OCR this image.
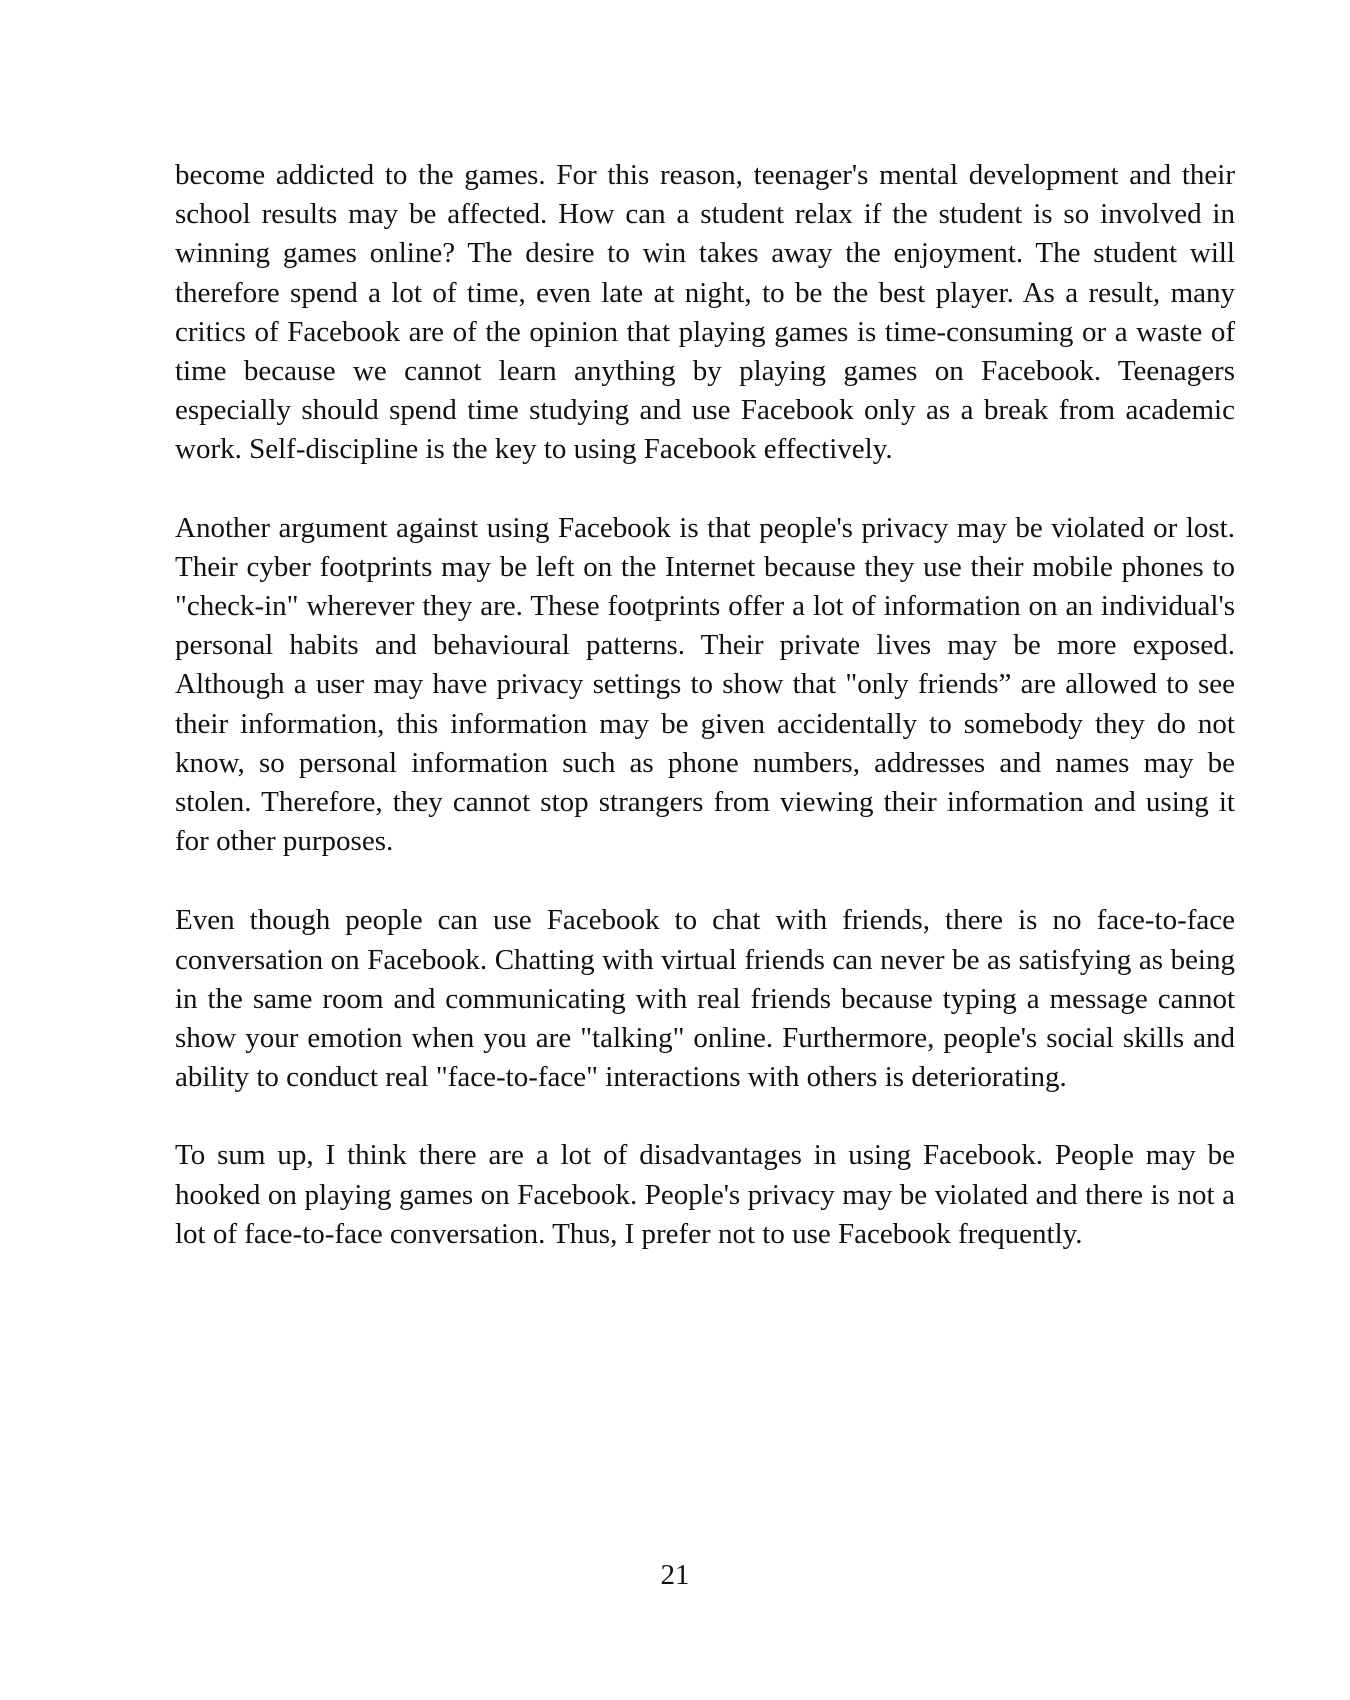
become addicted to the games. For this reason, teenager's mental development and their school results may be affected. How can a student relax if the student is so involved in winning games online? The desire to win takes away the enjoyment. The student will therefore spend a lot of time, even late at night, to be the best player. As a result, many critics of Facebook are of the opinion that playing games is time-consuming or a waste of time because we cannot learn anything by playing games on Facebook. Teenagers especially should spend time studying and use Facebook only as a break from academic work. Self-discipline is the key to using Facebook effectively.

Another argument against using Facebook is that people's privacy may be violated or lost. Their cyber footprints may be left on the Internet because they use their mobile phones to "check-in" wherever they are. These footprints offer a lot of information on an individual's personal habits and behavioural patterns. Their private lives may be more exposed. Although a user may have privacy settings to show that "only friends” are allowed to see their information, this information may be given accidentally to somebody they do not know, so personal information such as phone numbers, addresses and names may be stolen. Therefore, they cannot stop strangers from viewing their information and using it for other purposes.

Even though people can use Facebook to chat with friends, there is no face-to-face conversation on Facebook. Chatting with virtual friends can never be as satisfying as being in the same room and communicating with real friends because typing a message cannot show your emotion when you are "talking" online. Furthermore, people's social skills and ability to conduct real "face-to-face" interactions with others is deteriorating.

To sum up, I think there are a lot of disadvantages in using Facebook. People may be hooked on playing games on Facebook. People's privacy may be violated and there is not a lot of face-to-face conversation. Thus, I prefer not to use Facebook frequently.

21
